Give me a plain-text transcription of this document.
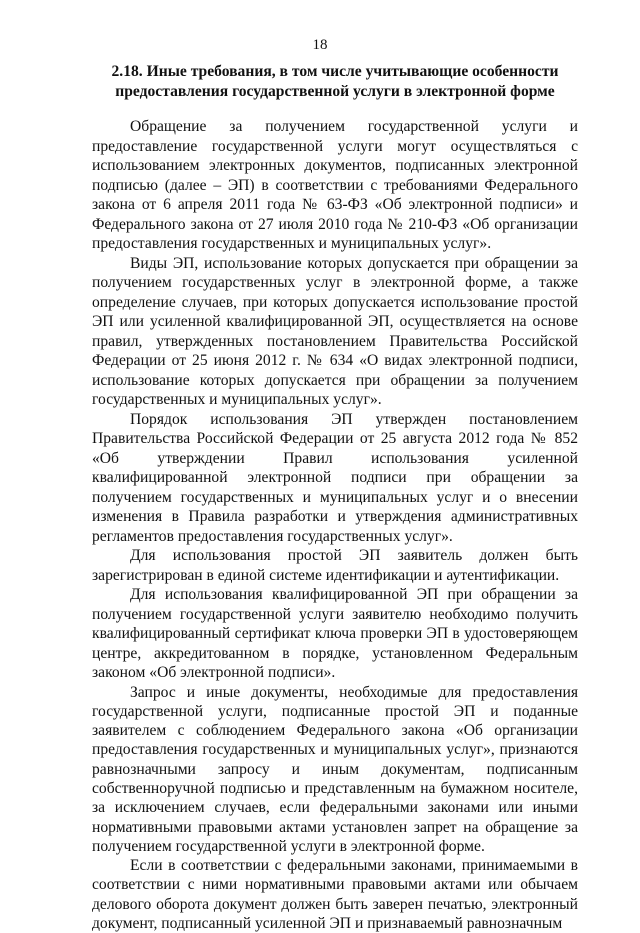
18
2.18. Иные требования, в том числе учитывающие особенности предоставления государственной услуги в электронной форме

Обращение за получением государственной услуги и предоставление государственной услуги могут осуществляться с использованием электронных документов, подписанных электронной подписью (далее – ЭП) в соответствии с требованиями Федерального закона от 6 апреля 2011 года № 63-ФЗ «Об электронной подписи» и Федерального закона от 27 июля 2010 года № 210-ФЗ «Об организации предоставления государственных и муниципальных услуг».

Виды ЭП, использование которых допускается при обращении за получением государственных услуг в электронной форме, а также определение случаев, при которых допускается использование простой ЭП или усиленной квалифицированной ЭП, осуществляется на основе правил, утвержденных постановлением Правительства Российской Федерации от 25 июня 2012 г. № 634 «О видах электронной подписи, использование которых допускается при обращении за получением государственных и муниципальных услуг».

Порядок использования ЭП утвержден постановлением Правительства Российской Федерации от 25 августа 2012 года № 852 «Об утверждении Правил использования усиленной квалифицированной электронной подписи при обращении за получением государственных и муниципальных услуг и о внесении изменения в Правила разработки и утверждения административных регламентов предоставления государственных услуг».

Для использования простой ЭП заявитель должен быть зарегистрирован в единой системе идентификации и аутентификации.

Для использования квалифицированной ЭП при обращении за получением государственной услуги заявителю необходимо получить квалифицированный сертификат ключа проверки ЭП в удостоверяющем центре, аккредитованном в порядке, установленном Федеральным законом «Об электронной подписи».

Запрос и иные документы, необходимые для предоставления государственной услуги, подписанные простой ЭП и поданные заявителем с соблюдением Федерального закона «Об организации предоставления государственных и муниципальных услуг», признаются равнозначными запросу и иным документам, подписанным собственноручной подписью и представленным на бумажном носителе, за исключением случаев, если федеральными законами или иными нормативными правовыми актами установлен запрет на обращение за получением государственной услуги в электронной форме.

Если в соответствии с федеральными законами, принимаемыми в соответствии с ними нормативными правовыми актами или обычаем делового оборота документ должен быть заверен печатью, электронный документ, подписанный усиленной ЭП и признаваемый равнозначным
